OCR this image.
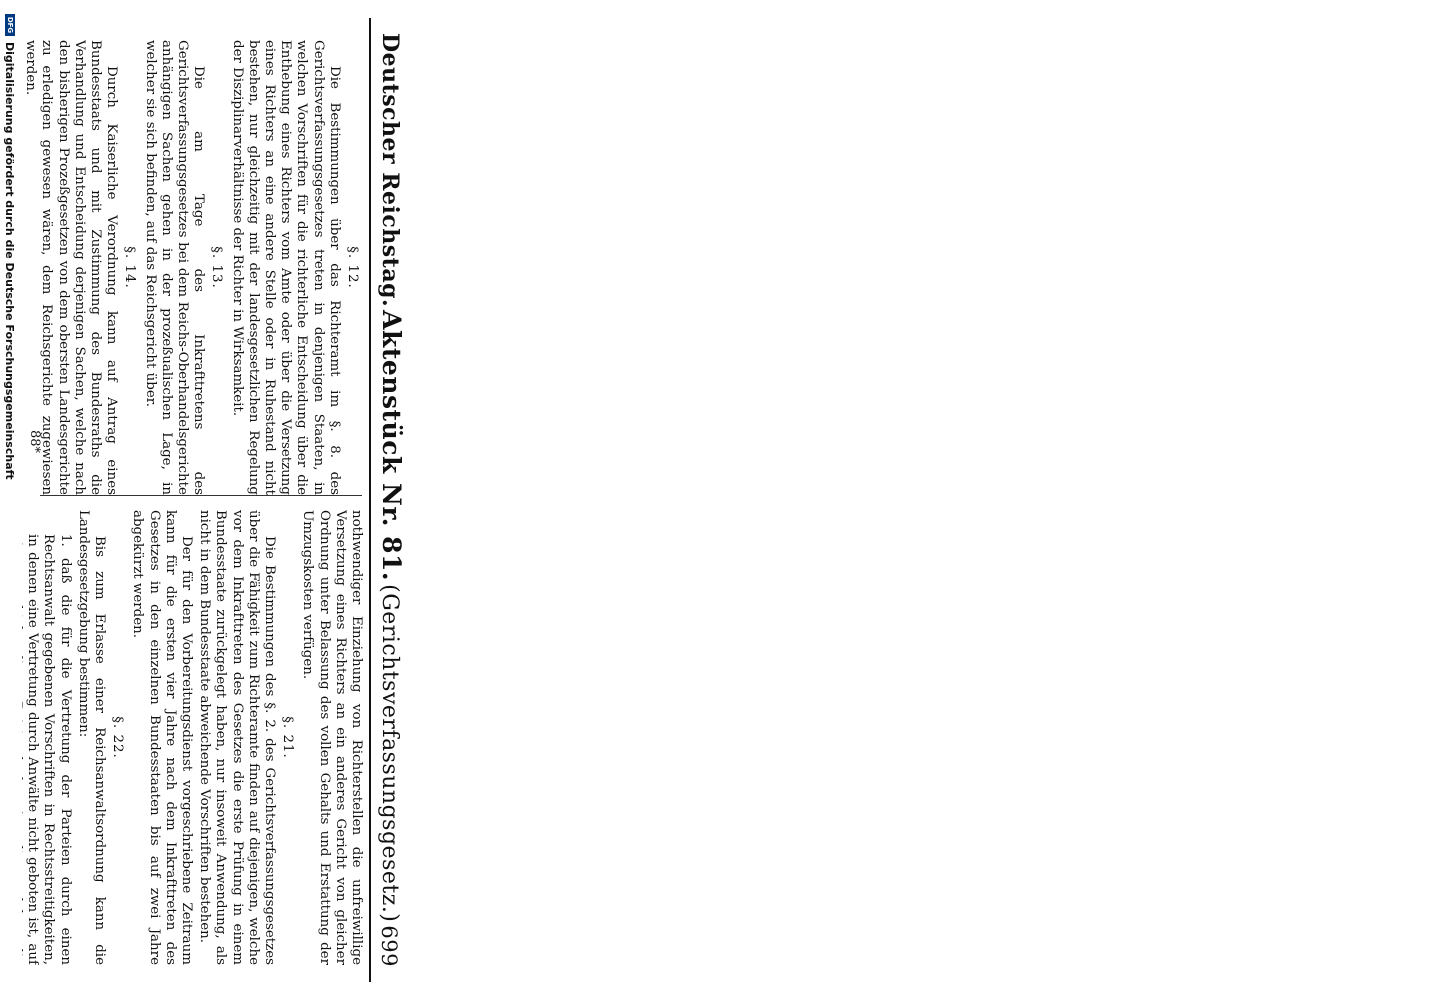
Deutscher Reichstag.
Aktenstück Nr. 81.
(Gerichtsverfassungsgesetz.)
699
§. 12.
Die Bestimmungen über das Richteramt im §. 8. des Gerichtsverfassungsgesetzes treten in denjenigen Staaten, in welchen Vorschriften für die richterliche Entscheidung über die Enthebung eines Richters vom Amte oder über die Versetzung eines Richters an eine andere Stelle oder in Ruhestand nicht bestehen, nur gleichzeitig mit der landesgesetzlichen Regelung der Disziplinarverhältnisse der Richter in Wirksamkeit.
§. 13.
Die am Tage des Inkrafttretens des Gerichtsverfassungsgesetzes bei dem Reichs-Oberhandelsgerichte anhängigen Sachen gehen in der prozeßualischen Lage, in welcher sie sich befinden, auf das Reichsgericht über.
§. 14.
Durch Kaiserliche Verordnung kann auf Antrag eines Bundesstaats und mit Zustimmung des Bundesraths die Verhandlung und Entscheidung derjenigen Sachen, welche nach den bisherigen Prozeßgesetzen von dem obersten Landesgerichte zu erledigen gewesen wären, dem Reichsgerichte zugewiesen werden.
nothwendiger Einziehung von Richterstellen die unfreiwillige Versetzung eines Richters an ein anderes Gericht von gleicher Ordnung unter Belassung des vollen Gehalts und Erstattung der Umzugskosten verfügen.
§. 21.
Die Bestimmungen des §. 2. des Gerichtsverfassungsgesetzes über die Fähigkeit zum Richteramte finden auf diejenigen, welche vor dem Inkrafttreten des Gesetzes die erste Prüfung in einem Bundesstaate zurückgelegt haben, nur insoweit Anwendung, als nicht in dem Bundesstaate abweichende Vorschriften bestehen.
Der für den Vorbereitungsdienst vorgeschriebene Zeitraum kann für die ersten vier Jahre nach dem Inkrafttreten des Gesetzes in den einzelnen Bundesstaaten bis auf zwei Jahre abgekürzt werden.
§. 22.
Bis zum Erlasse einer Reichsanwaltsordnung kann die Landesgesetzgebung bestimmen:
1. daß die für die Vertretung der Parteien durch einen Rechtsanwalt gegebenen Vorschriften in Rechtsstreitigkeiten, in denen eine Vertretung durch Anwälte nicht geboten ist, auf
88*
DFG
Digitalisierung gefördert durch die Deutsche Forschungsgemeinschaft
